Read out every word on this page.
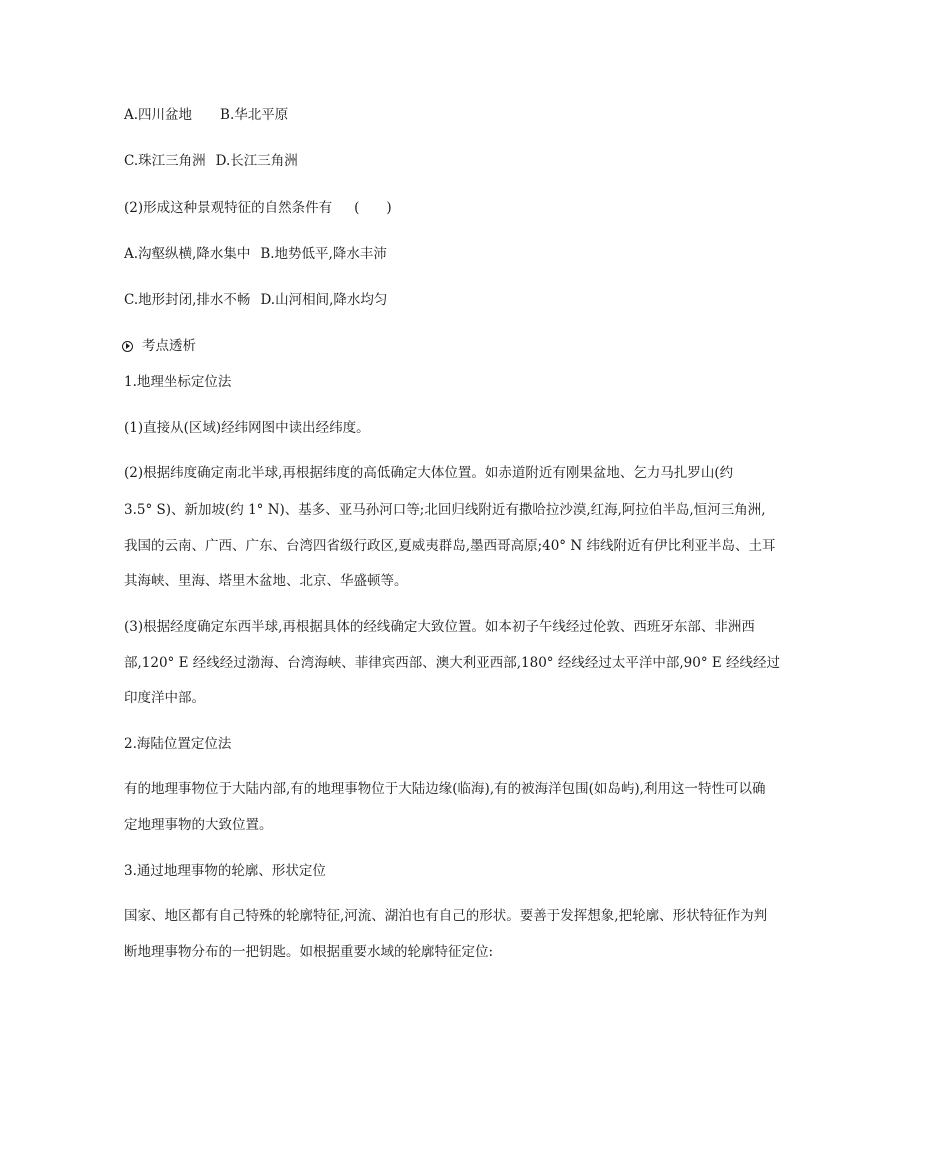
A.四川盆地 B.华北平原
C.珠江三角洲 D.长江三角洲
(2)形成这种景观特征的自然条件有 (　　)
A.沟壑纵横,降水集中 B.地势低平,降水丰沛
C.地形封闭,排水不畅 D.山河相间,降水均匀
考点透析
1.地理坐标定位法
(1)直接从(区域)经纬网图中读出经纬度。
(2)根据纬度确定南北半球,再根据纬度的高低确定大体位置。如赤道附近有刚果盆地、乞力马扎罗山(约
3.5° S)、新加坡(约 1° N)、基多、亚马孙河口等;北回归线附近有撒哈拉沙漠,红海,阿拉伯半岛,恒河三角洲,
我国的云南、广西、广东、台湾四省级行政区,夏威夷群岛,墨西哥高原;40° N 纬线附近有伊比利亚半岛、土耳
其海峡、里海、塔里木盆地、北京、华盛顿等。
(3)根据经度确定东西半球,再根据具体的经线确定大致位置。如本初子午线经过伦敦、西班牙东部、非洲西
部,120° E 经线经过渤海、台湾海峡、菲律宾西部、澳大利亚西部,180° 经线经过太平洋中部,90° E 经线经过
印度洋中部。
2.海陆位置定位法
有的地理事物位于大陆内部,有的地理事物位于大陆边缘(临海),有的被海洋包围(如岛屿),利用这一特性可以确
定地理事物的大致位置。
3.通过地理事物的轮廓、形状定位
国家、地区都有自己特殊的轮廓特征,河流、湖泊也有自己的形状。要善于发挥想象,把轮廓、形状特征作为判
断地理事物分布的一把钥匙。如根据重要水域的轮廓特征定位:
